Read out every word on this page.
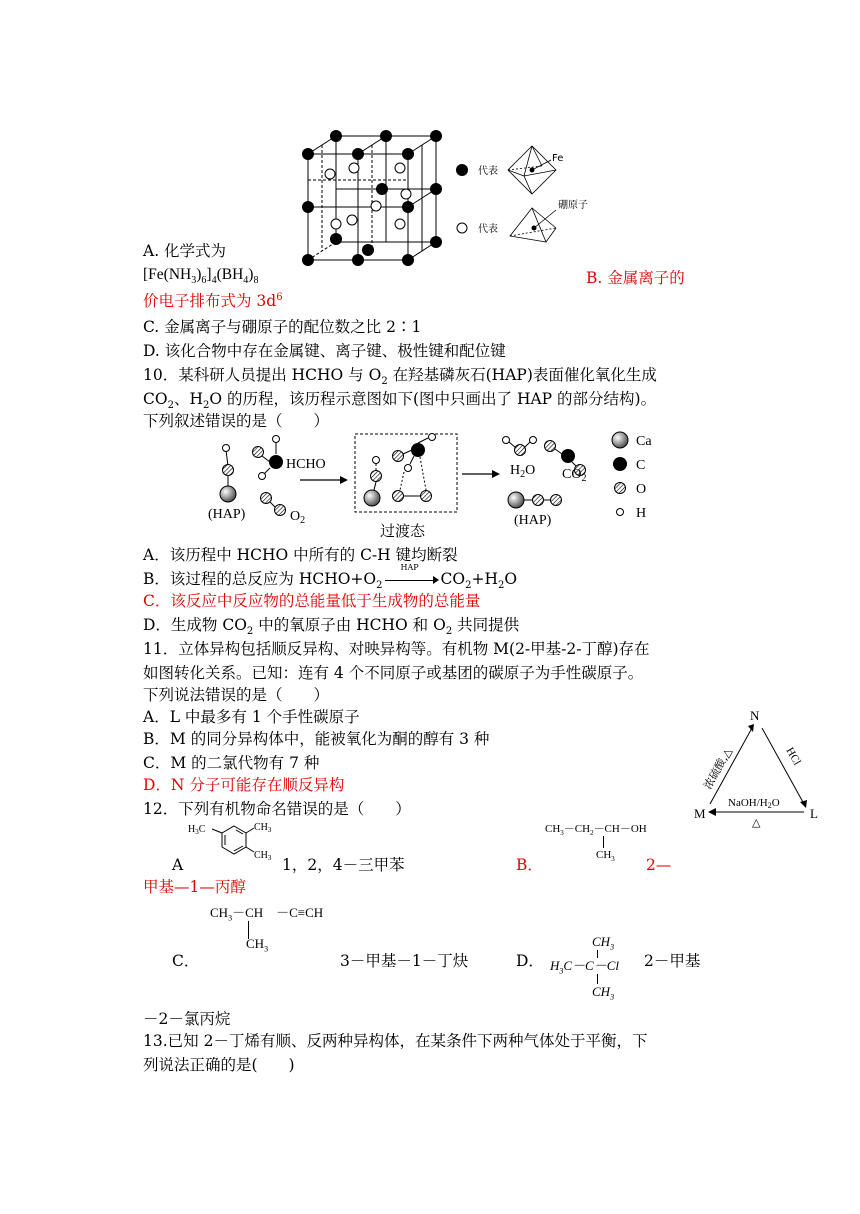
代表
代表
Fe
硼原子
A. 化学式为
$[Fe(NH_3)_6]_4(BH_4)_8$	B. 金属离子的
价电子排布式为 $3d^6$
C. 金属离子与硼原子的配位数之比 2∶1
D. 该化合物中存在金属键、离子键、极性键和配位键
10．某科研人员提出 HCHO 与 $O_2$ 在羟基磷灰石(HAP)表面催化氧化生成
$CO_2$、$H_2O$ 的历程，该历程示意图如下(图中只画出了 HAP 的部分结构)。
下列叙述错误的是（　　）
(HAP)
HCHO
$O_2$
过渡态
$H_2O$ $CO_2$
(HAP)
Ca
C
O
H
A．该历程中 HCHO 中所有的 C-H 键均断裂
B．该过程的总反应为 $HCHO+O_2$
HAP
$CO_2+H_2O$
C．该反应中反应物的总能量低于生成物的总能量
D．生成物 $CO_2$ 中的氧原子由 HCHO 和 $O_2$ 共同提供
11．立体异构包括顺反异构、对映异构等。有机物 M(2-甲基-2-丁醇)存在
如图转化关系。已知：连有 4 个不同原子或基团的碳原子为手性碳原子。
下列说法错误的是（　　）
A．L 中最多有 1 个手性碳原子
B．M 的同分异构体中，能被氧化为酮的醇有 3 种
C．M 的二氯代物有 7 种
D．N 分子可能存在顺反异构
N
M	L
浓硫酸,△	HCl
NaOH/H2O
△
12．下列有机物命名错误的是（　　）
$H_3C$	$CH_3$
$CH_3$
A	1，2，4－三甲苯	B．
$CH_3-CH_2-CH-OH$
$CH_3$ 2—
甲基—1—丙醇
$CH_3-CH$　－C≡CH
$CH_3$
C．	3－甲基－1－丁炔	D．
$CH_3$
$H_3C-C-Cl$
$CH_3$
2－甲基
－2－氯丙烷
13.已知 2－丁烯有顺、反两种异构体，在某条件下两种气体处于平衡，下
列说法正确的是(　　)
